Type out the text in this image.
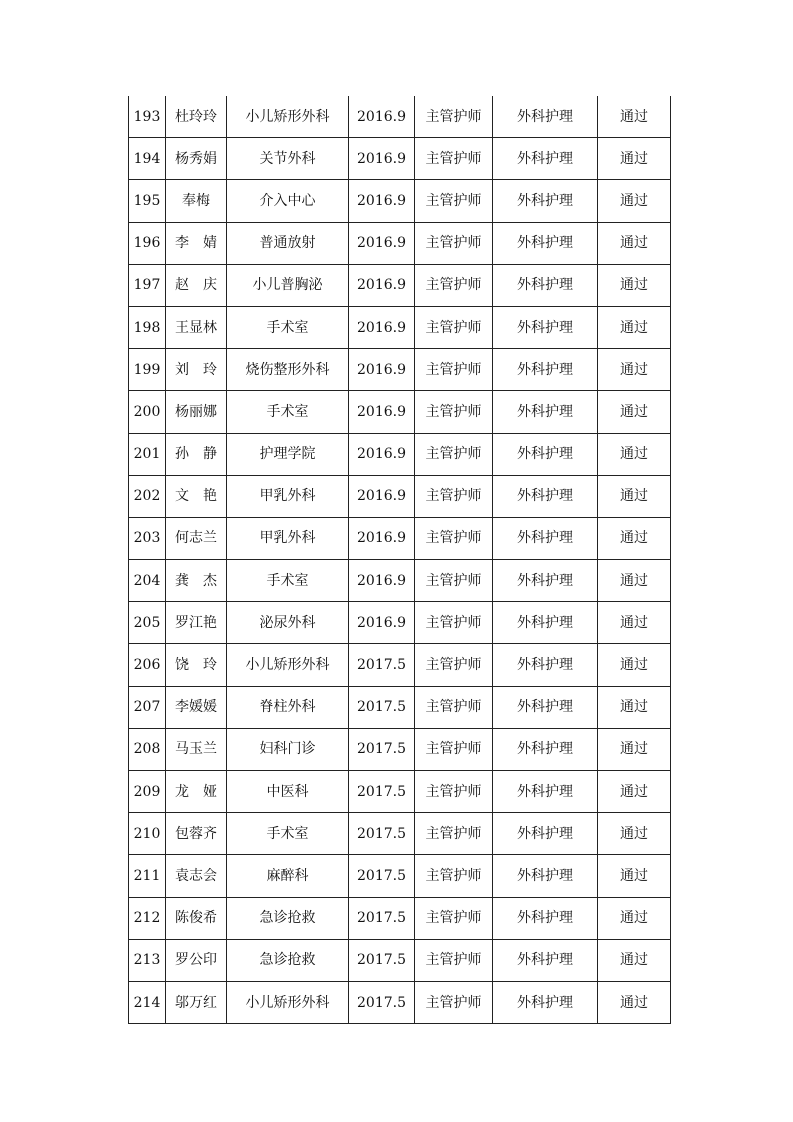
193	杜玲玲	小儿矫形外科	2016.9	主管护师	外科护理	通过
194	杨秀娟	关节外科	2016.9	主管护师	外科护理	通过
195	奉梅	介入中心	2016.9	主管护师	外科护理	通过
196	李　婧	普通放射	2016.9	主管护师	外科护理	通过
197	赵　庆	小儿普胸泌	2016.9	主管护师	外科护理	通过
198	王显林	手术室	2016.9	主管护师	外科护理	通过
199	刘　玲	烧伤整形外科	2016.9	主管护师	外科护理	通过
200	杨丽娜	手术室	2016.9	主管护师	外科护理	通过
201	孙　静	护理学院	2016.9	主管护师	外科护理	通过
202	文　艳	甲乳外科	2016.9	主管护师	外科护理	通过
203	何志兰	甲乳外科	2016.9	主管护师	外科护理	通过
204	龚　杰	手术室	2016.9	主管护师	外科护理	通过
205	罗江艳	泌尿外科	2016.9	主管护师	外科护理	通过
206	饶　玲	小儿矫形外科	2017.5	主管护师	外科护理	通过
207	李媛媛	脊柱外科	2017.5	主管护师	外科护理	通过
208	马玉兰	妇科门诊	2017.5	主管护师	外科护理	通过
209	龙　娅	中医科	2017.5	主管护师	外科护理	通过
210	包蓉齐	手术室	2017.5	主管护师	外科护理	通过
211	袁志会	麻醉科	2017.5	主管护师	外科护理	通过
212	陈俊希	急诊抢救	2017.5	主管护师	外科护理	通过
213	罗公印	急诊抢救	2017.5	主管护师	外科护理	通过
214	邬万红	小儿矫形外科	2017.5	主管护师	外科护理	通过
